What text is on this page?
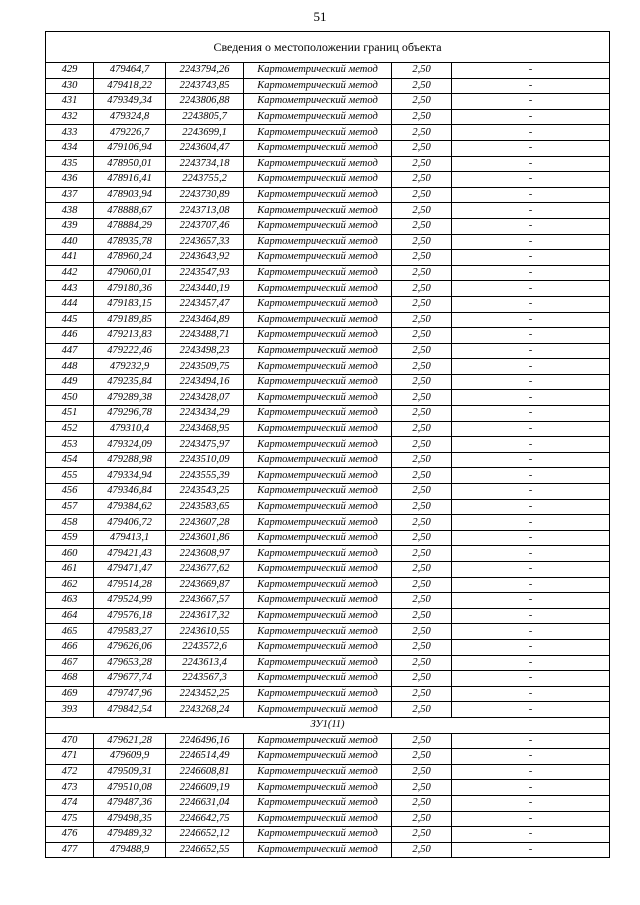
51
Сведения о местоположении границ объекта					
429	479464,7	2243794,26	Картометрический метод	2,50	-
430	479418,22	2243743,85	Картометрический метод	2,50	-
431	479349,34	2243806,88	Картометрический метод	2,50	-
432	479324,8	2243805,7	Картометрический метод	2,50	-
433	479226,7	2243699,1	Картометрический метод	2,50	-
434	479106,94	2243604,47	Картометрический метод	2,50	-
435	478950,01	2243734,18	Картометрический метод	2,50	-
436	478916,41	2243755,2	Картометрический метод	2,50	-
437	478903,94	2243730,89	Картометрический метод	2,50	-
438	478888,67	2243713,08	Картометрический метод	2,50	-
439	478884,29	2243707,46	Картометрический метод	2,50	-
440	478935,78	2243657,33	Картометрический метод	2,50	-
441	478960,24	2243643,92	Картометрический метод	2,50	-
442	479060,01	2243547,93	Картометрический метод	2,50	-
443	479180,36	2243440,19	Картометрический метод	2,50	-
444	479183,15	2243457,47	Картометрический метод	2,50	-
445	479189,85	2243464,89	Картометрический метод	2,50	-
446	479213,83	2243488,71	Картометрический метод	2,50	-
447	479222,46	2243498,23	Картометрический метод	2,50	-
448	479232,9	2243509,75	Картометрический метод	2,50	-
449	479235,84	2243494,16	Картометрический метод	2,50	-
450	479289,38	2243428,07	Картометрический метод	2,50	-
451	479296,78	2243434,29	Картометрический метод	2,50	-
452	479310,4	2243468,95	Картометрический метод	2,50	-
453	479324,09	2243475,97	Картометрический метод	2,50	-
454	479288,98	2243510,09	Картометрический метод	2,50	-
455	479334,94	2243555,39	Картометрический метод	2,50	-
456	479346,84	2243543,25	Картометрический метод	2,50	-
457	479384,62	2243583,65	Картометрический метод	2,50	-
458	479406,72	2243607,28	Картометрический метод	2,50	-
459	479413,1	2243601,86	Картометрический метод	2,50	-
460	479421,43	2243608,97	Картометрический метод	2,50	-
461	479471,47	2243677,62	Картометрический метод	2,50	-
462	479514,28	2243669,87	Картометрический метод	2,50	-
463	479524,99	2243667,57	Картометрический метод	2,50	-
464	479576,18	2243617,32	Картометрический метод	2,50	-
465	479583,27	2243610,55	Картометрический метод	2,50	-
466	479626,06	2243572,6	Картометрический метод	2,50	-
467	479653,28	2243613,4	Картометрический метод	2,50	-
468	479677,74	2243567,3	Картометрический метод	2,50	-
469	479747,96	2243452,25	Картометрический метод	2,50	-
393	479842,54	2243268,24	Картометрический метод	2,50	-
ЗУ1(11)					
470	479621,28	2246496,16	Картометрический метод	2,50	-
471	479609,9	2246514,49	Картометрический метод	2,50	-
472	479509,31	2246608,81	Картометрический метод	2,50	-
473	479510,08	2246609,19	Картометрический метод	2,50	-
474	479487,36	2246631,04	Картометрический метод	2,50	-
475	479498,35	2246642,75	Картометрический метод	2,50	-
476	479489,32	2246652,12	Картометрический метод	2,50	-
477	479488,9	2246652,55	Картометрический метод	2,50	-
